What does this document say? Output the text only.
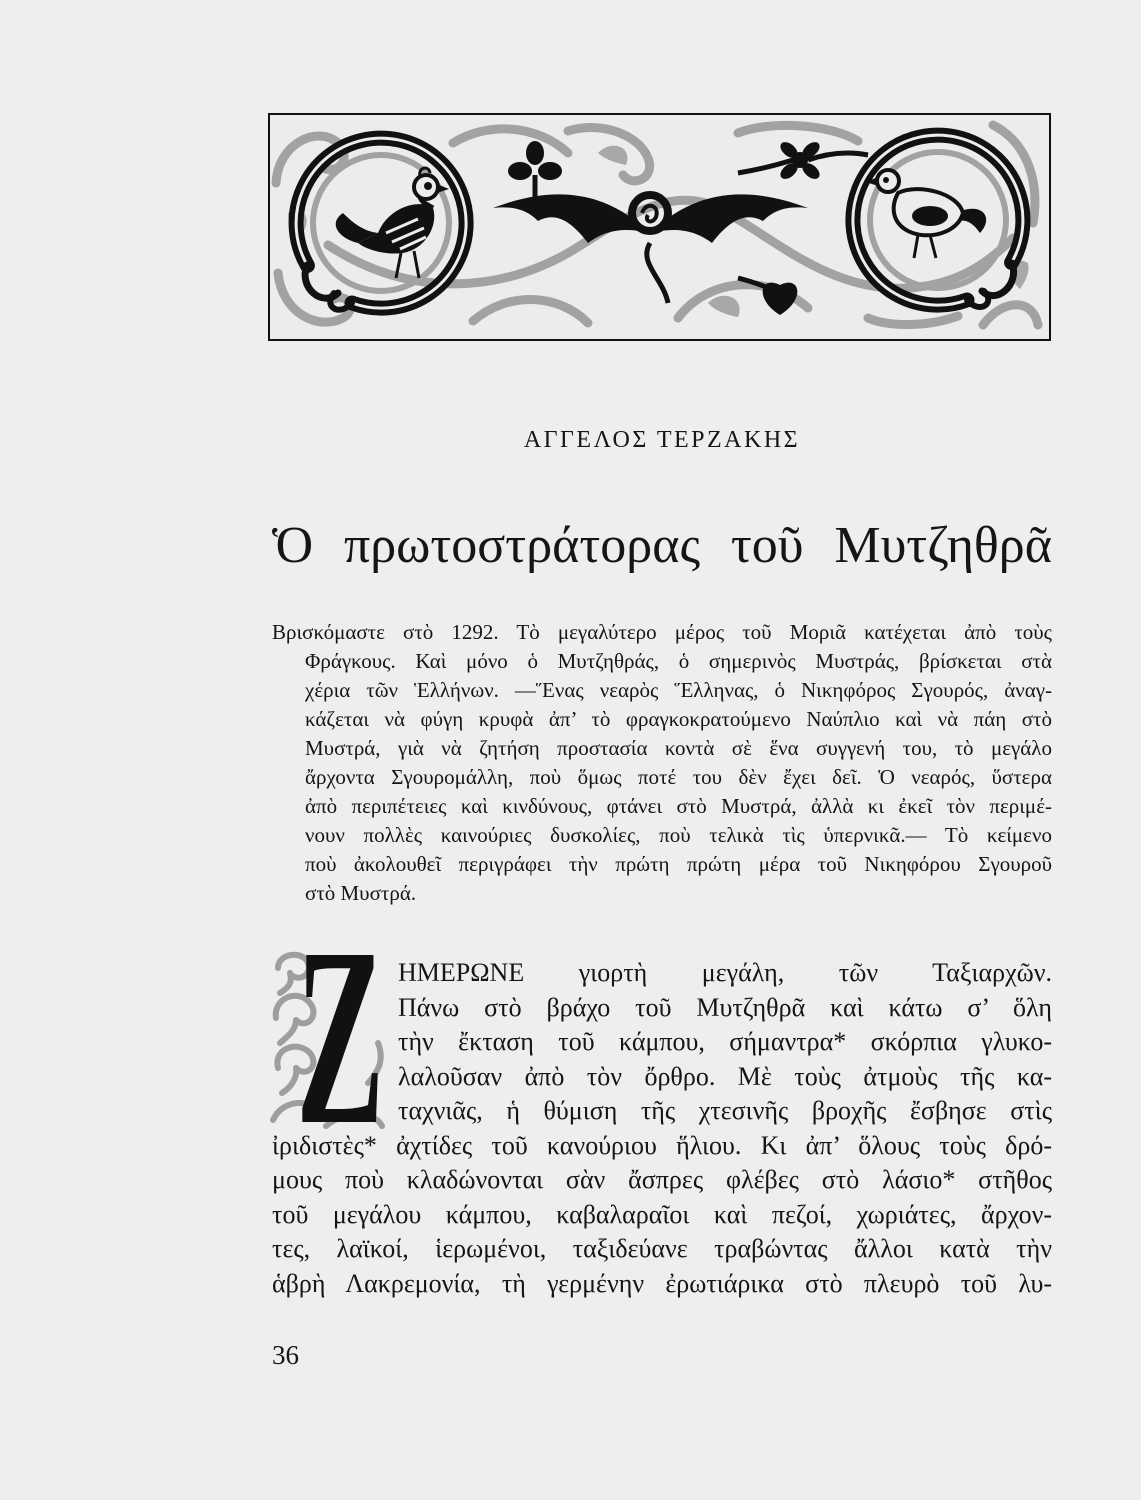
ΑΓΓΕΛΟΣ ΤΕΡΖΑΚΗΣ
Ὁ πρωτοστράτορας τοῦ Μυτζηθρᾶ
Βρισκόμαστε στὸ 1292. Τὸ μεγαλύτερο μέρος τοῦ Μοριᾶ κατέχεται ἀπὸ τοὺς
Φράγκους. Καὶ μόνο ὁ Μυτζηθράς, ὁ σημερινὸς Μυστράς, βρίσκεται στὰ
χέρια τῶν Ἑλλήνων. —Ἕνας νεαρὸς Ἕλληνας, ὁ Νικηφόρος Σγουρός, ἀναγ-
κάζεται νὰ φύγη κρυφὰ ἀπ’ τὸ φραγκοκρατούμενο Ναύπλιο καὶ νὰ πάη στὸ
Μυστρά, γιὰ νὰ ζητήση προστασία κοντὰ σὲ ἕνα συγγενή του, τὸ μεγάλο
ἄρχοντα Σγουρομάλλη, ποὺ ὅμως ποτέ του δὲν ἔχει δεῖ. Ὁ νεαρός, ὕστερα
ἀπὸ περιπέτειες καὶ κινδύνους, φτάνει στὸ Μυστρά, ἀλλὰ κι ἐκεῖ τὸν περιμέ-
νουν πολλὲς καινούριες δυσκολίες, ποὺ τελικὰ τὶς ὑπερνικᾶ.— Τὸ κείμενο
ποὺ ἀκολουθεῖ περιγράφει τὴν πρώτη πρώτη μέρα τοῦ Νικηφόρου Σγουροῦ
στὸ Μυστρά.
Ζ ΗΜΕΡΩΝΕ γιορτὴ μεγάλη, τῶν Ταξιαρχῶν.
Πάνω στὸ βράχο τοῦ Μυτζηθρᾶ καὶ κάτω σ’ ὅλη
τὴν ἔκταση τοῦ κάμπου, σήμαντρα* σκόρπια γλυκο-
λαλοῦσαν ἀπὸ τὸν ὄρθρο. Μὲ τοὺς ἀτμοὺς τῆς κα-
ταχνιᾶς, ἡ θύμιση τῆς χτεσινῆς βροχῆς ἔσβησε στὶς
ἰριδιστὲς* ἀχτίδες τοῦ κανούριου ἥλιου. Κι ἀπ’ ὅλους τοὺς δρό-
μους ποὺ κλαδώνονται σὰν ἄσπρες φλέβες στὸ λάσιο* στῆθος
τοῦ μεγάλου κάμπου, καβαλαραῖοι καὶ πεζοί, χωριάτες, ἄρχον-
τες, λαϊκοί, ἱερωμένοι, ταξιδεύανε τραβώντας ἄλλοι κατὰ τὴν
ἁβρὴ Λακρεμονία, τὴ γερμένην ἐρωτιάρικα στὸ πλευρὸ τοῦ λυ-
36
